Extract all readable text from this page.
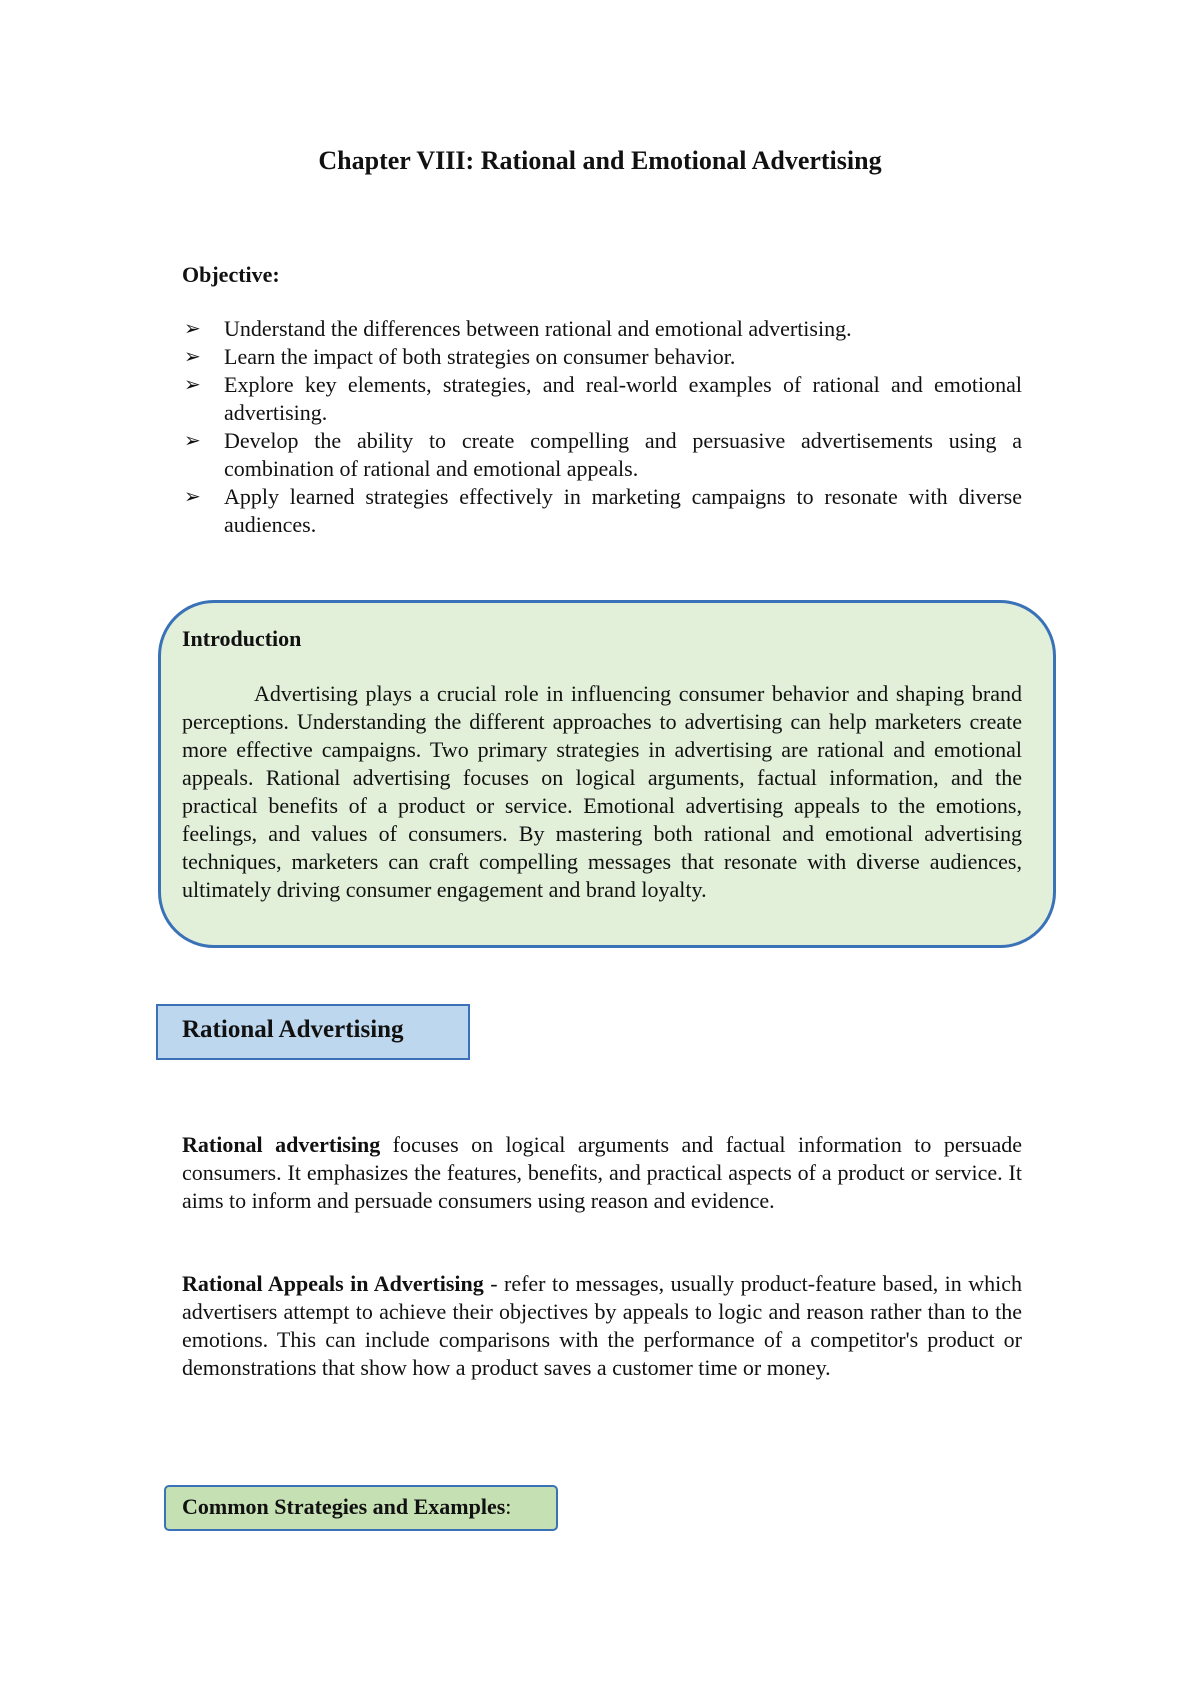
Chapter VIII: Rational and Emotional Advertising
Objective:
➢ Understand the differences between rational and emotional advertising.
➢ Learn the impact of both strategies on consumer behavior.
➢ Explore key elements, strategies, and real-world examples of rational and emotional advertising.
➢ Develop the ability to create compelling and persuasive advertisements using a combination of rational and emotional appeals.
➢ Apply learned strategies effectively in marketing campaigns to resonate with diverse audiences.
Introduction

Advertising plays a crucial role in influencing consumer behavior and shaping brand perceptions. Understanding the different approaches to advertising can help marketers create more effective campaigns. Two primary strategies in advertising are rational and emotional appeals. Rational advertising focuses on logical arguments, factual information, and the practical benefits of a product or service. Emotional advertising appeals to the emotions, feelings, and values of consumers. By mastering both rational and emotional advertising techniques, marketers can craft compelling messages that resonate with diverse audiences, ultimately driving consumer engagement and brand loyalty.

Rational Advertising

Rational advertising focuses on logical arguments and factual information to persuade consumers. It emphasizes the features, benefits, and practical aspects of a product or service. It aims to inform and persuade consumers using reason and evidence.

Rational Appeals in Advertising - refer to messages, usually product-feature based, in which advertisers attempt to achieve their objectives by appeals to logic and reason rather than to the emotions. This can include comparisons with the performance of a competitor's product or demonstrations that show how a product saves a customer time or money.

Common Strategies and Examples:
